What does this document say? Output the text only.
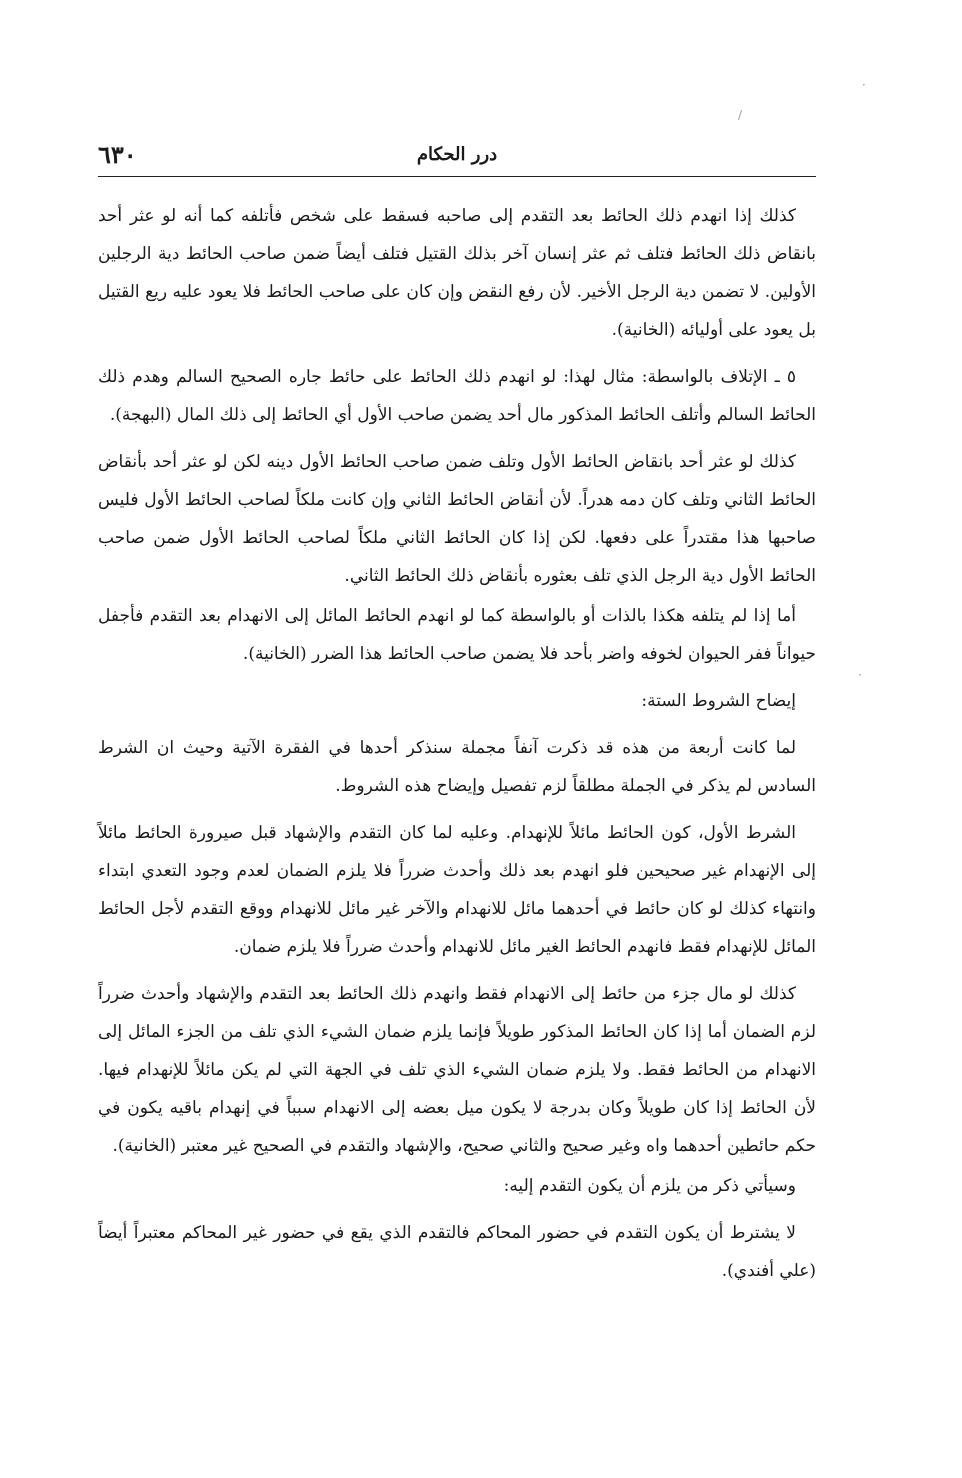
·
/
·
٦٣٠	درر الحكام

كذلك إذا انهدم ذلك الحائط بعد التقدم إلى صاحبه فسقط على شخص فأتلفه كما أنه لو عثر أحد بانقاض ذلك الحائط فتلف ثم عثر إنسان آخر بذلك القتيل فتلف أيضاً ضمن صاحب الحائط دية الرجلين الأولين. لا تضمن دية الرجل الأخير. لأن رفع النقض وإن كان على صاحب الحائط فلا يعود عليه ريع القتيل بل يعود على أوليائه (الخانية).

٥ ـ الإتلاف بالواسطة: مثال لهذا: لو انهدم ذلك الحائط على حائط جاره الصحيح السالم وهدم ذلك الحائط السالم وأتلف الحائط المذكور مال أحد يضمن صاحب الأول أي الحائط إلى ذلك المال (البهجة).

كذلك لو عثر أحد بانقاض الحائط الأول وتلف ضمن صاحب الحائط الأول دينه لكن لو عثر أحد بأنقاض الحائط الثاني وتلف كان دمه هدراً. لأن أنقاض الحائط الثاني وإن كانت ملكاً لصاحب الحائط الأول فليس صاحبها هذا مقتدراً على دفعها. لكن إذا كان الحائط الثاني ملكاً لصاحب الحائط الأول ضمن صاحب الحائط الأول دية الرجل الذي تلف بعثوره بأنقاض ذلك الحائط الثاني.

أما إذا لم يتلفه هكذا بالذات أو بالواسطة كما لو انهدم الحائط المائل إلى الانهدام بعد التقدم فأجفل حيواناً ففر الحيوان لخوفه واضر بأحد فلا يضمن صاحب الحائط هذا الضرر (الخانية).

إيضاح الشروط الستة:

لما كانت أربعة من هذه قد ذكرت آنفاً مجملة سنذكر أحدها في الفقرة الآتية وحيث ان الشرط السادس لم يذكر في الجملة مطلقاً لزم تفصيل وإيضاح هذه الشروط.

الشرط الأول، كون الحائط مائلاً للإنهدام. وعليه لما كان التقدم والإشهاد قبل صيرورة الحائط مائلاً إلى الإنهدام غير صحيحين فلو انهدم بعد ذلك وأحدث ضرراً فلا يلزم الضمان لعدم وجود التعدي ابتداء وانتهاء كذلك لو كان حائط في أحدهما مائل للانهدام والآخر غير مائل للانهدام ووقع التقدم لأجل الحائط المائل للإنهدام فقط فانهدم الحائط الغير مائل للانهدام وأحدث ضرراً فلا يلزم ضمان.

كذلك لو مال جزء من حائط إلى الانهدام فقط وانهدم ذلك الحائط بعد التقدم والإشهاد وأحدث ضرراً لزم الضمان أما إذا كان الحائط المذكور طويلاً فإنما يلزم ضمان الشيء الذي تلف من الجزء المائل إلى الانهدام من الحائط فقط. ولا يلزم ضمان الشيء الذي تلف في الجهة التي لم يكن مائلاً للإنهدام فيها. لأن الحائط إذا كان طويلاً وكان بدرجة لا يكون ميل بعضه إلى الانهدام سبباً في إنهدام باقيه يكون في حكم حائطين أحدهما واه وغير صحيح والثاني صحيح، والإشهاد والتقدم في الصحيح غير معتبر (الخانية).

وسيأتي ذكر من يلزم أن يكون التقدم إليه:

لا يشترط أن يكون التقدم في حضور المحاكم فالتقدم الذي يقع في حضور غير المحاكم معتبراً أيضاً (علي أفندي).
